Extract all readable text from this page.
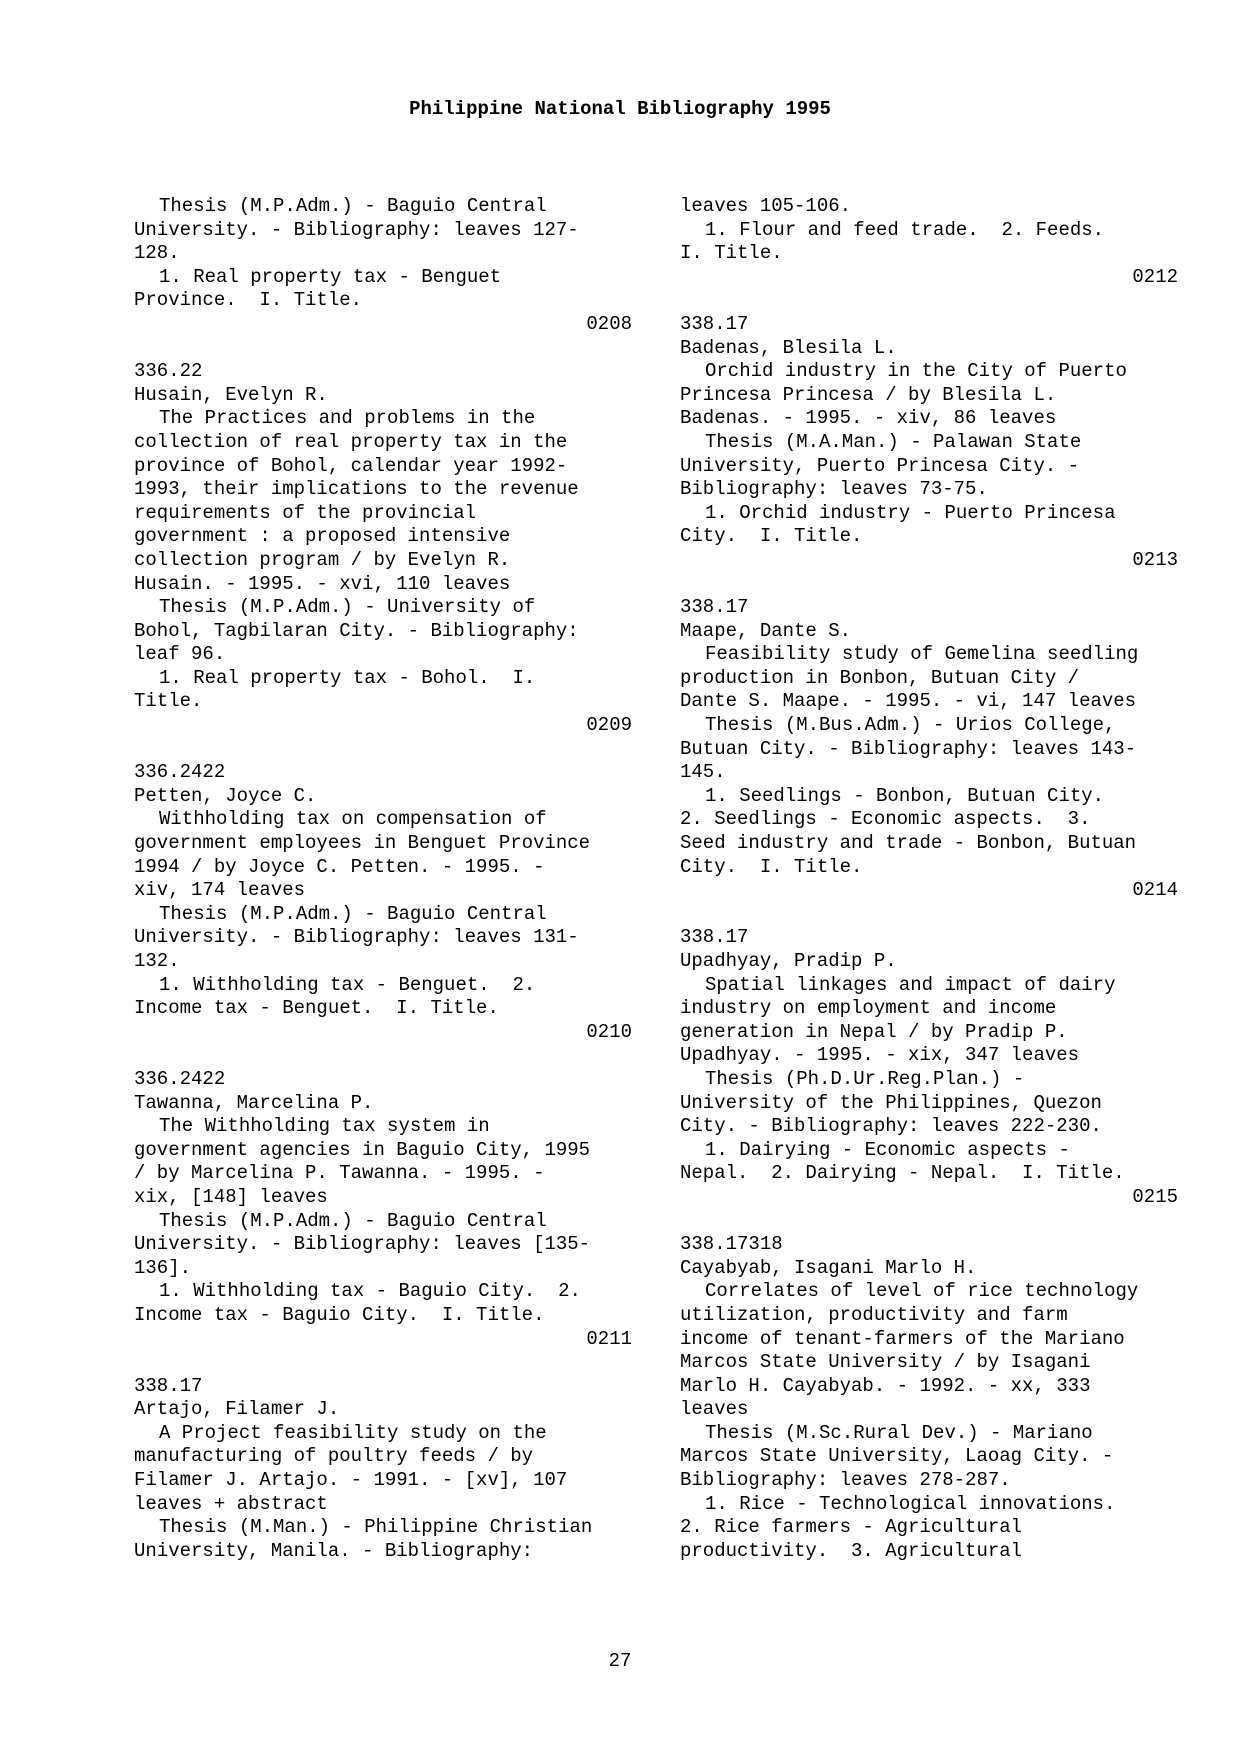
Philippine National Bibliography 1995
Thesis (M.P.Adm.) - Baguio Central
University. - Bibliography: leaves 127-
128.
1. Real property tax - Benguet
Province.  I. Title.
0208
336.22
Husain, Evelyn R.
The Practices and problems in the
collection of real property tax in the
province of Bohol, calendar year 1992-
1993, their implications to the revenue
requirements of the provincial
government : a proposed intensive
collection program / by Evelyn R.
Husain. - 1995. - xvi, 110 leaves
Thesis (M.P.Adm.) - University of
Bohol, Tagbilaran City. - Bibliography:
leaf 96.
1. Real property tax - Bohol.  I.
Title.
0209
336.2422
Petten, Joyce C.
Withholding tax on compensation of
government employees in Benguet Province
1994 / by Joyce C. Petten. - 1995. -
xiv, 174 leaves
Thesis (M.P.Adm.) - Baguio Central
University. - Bibliography: leaves 131-
132.
1. Withholding tax - Benguet.  2.
Income tax - Benguet.  I. Title.
0210
336.2422
Tawanna, Marcelina P.
The Withholding tax system in
government agencies in Baguio City, 1995
/ by Marcelina P. Tawanna. - 1995. -
xix, [148] leaves
Thesis (M.P.Adm.) - Baguio Central
University. - Bibliography: leaves [135-
136].
1. Withholding tax - Baguio City.  2.
Income tax - Baguio City.  I. Title.
0211
338.17
Artajo, Filamer J.
A Project feasibility study on the
manufacturing of poultry feeds / by
Filamer J. Artajo. - 1991. - [xv], 107
leaves + abstract
Thesis (M.Man.) - Philippine Christian
University, Manila. - Bibliography:
leaves 105-106.
1. Flour and feed trade.  2. Feeds.
I. Title.
0212
338.17
Badenas, Blesila L.
Orchid industry in the City of Puerto
Princesa Princesa / by Blesila L.
Badenas. - 1995. - xiv, 86 leaves
Thesis (M.A.Man.) - Palawan State
University, Puerto Princesa City. -
Bibliography: leaves 73-75.
1. Orchid industry - Puerto Princesa
City.  I. Title.
0213
338.17
Maape, Dante S.
Feasibility study of Gemelina seedling
production in Bonbon, Butuan City /
Dante S. Maape. - 1995. - vi, 147 leaves
Thesis (M.Bus.Adm.) - Urios College,
Butuan City. - Bibliography: leaves 143-
145.
1. Seedlings - Bonbon, Butuan City.
2. Seedlings - Economic aspects.  3.
Seed industry and trade - Bonbon, Butuan
City.  I. Title.
0214
338.17
Upadhyay, Pradip P.
Spatial linkages and impact of dairy
industry on employment and income
generation in Nepal / by Pradip P.
Upadhyay. - 1995. - xix, 347 leaves
Thesis (Ph.D.Ur.Reg.Plan.) -
University of the Philippines, Quezon
City. - Bibliography: leaves 222-230.
1. Dairying - Economic aspects -
Nepal.  2. Dairying - Nepal.  I. Title.
0215
338.17318
Cayabyab, Isagani Marlo H.
Correlates of level of rice technology
utilization, productivity and farm
income of tenant-farmers of the Mariano
Marcos State University / by Isagani
Marlo H. Cayabyab. - 1992. - xx, 333
leaves
Thesis (M.Sc.Rural Dev.) - Mariano
Marcos State University, Laoag City. -
Bibliography: leaves 278-287.
1. Rice - Technological innovations.
2. Rice farmers - Agricultural
productivity.  3. Agricultural
27
